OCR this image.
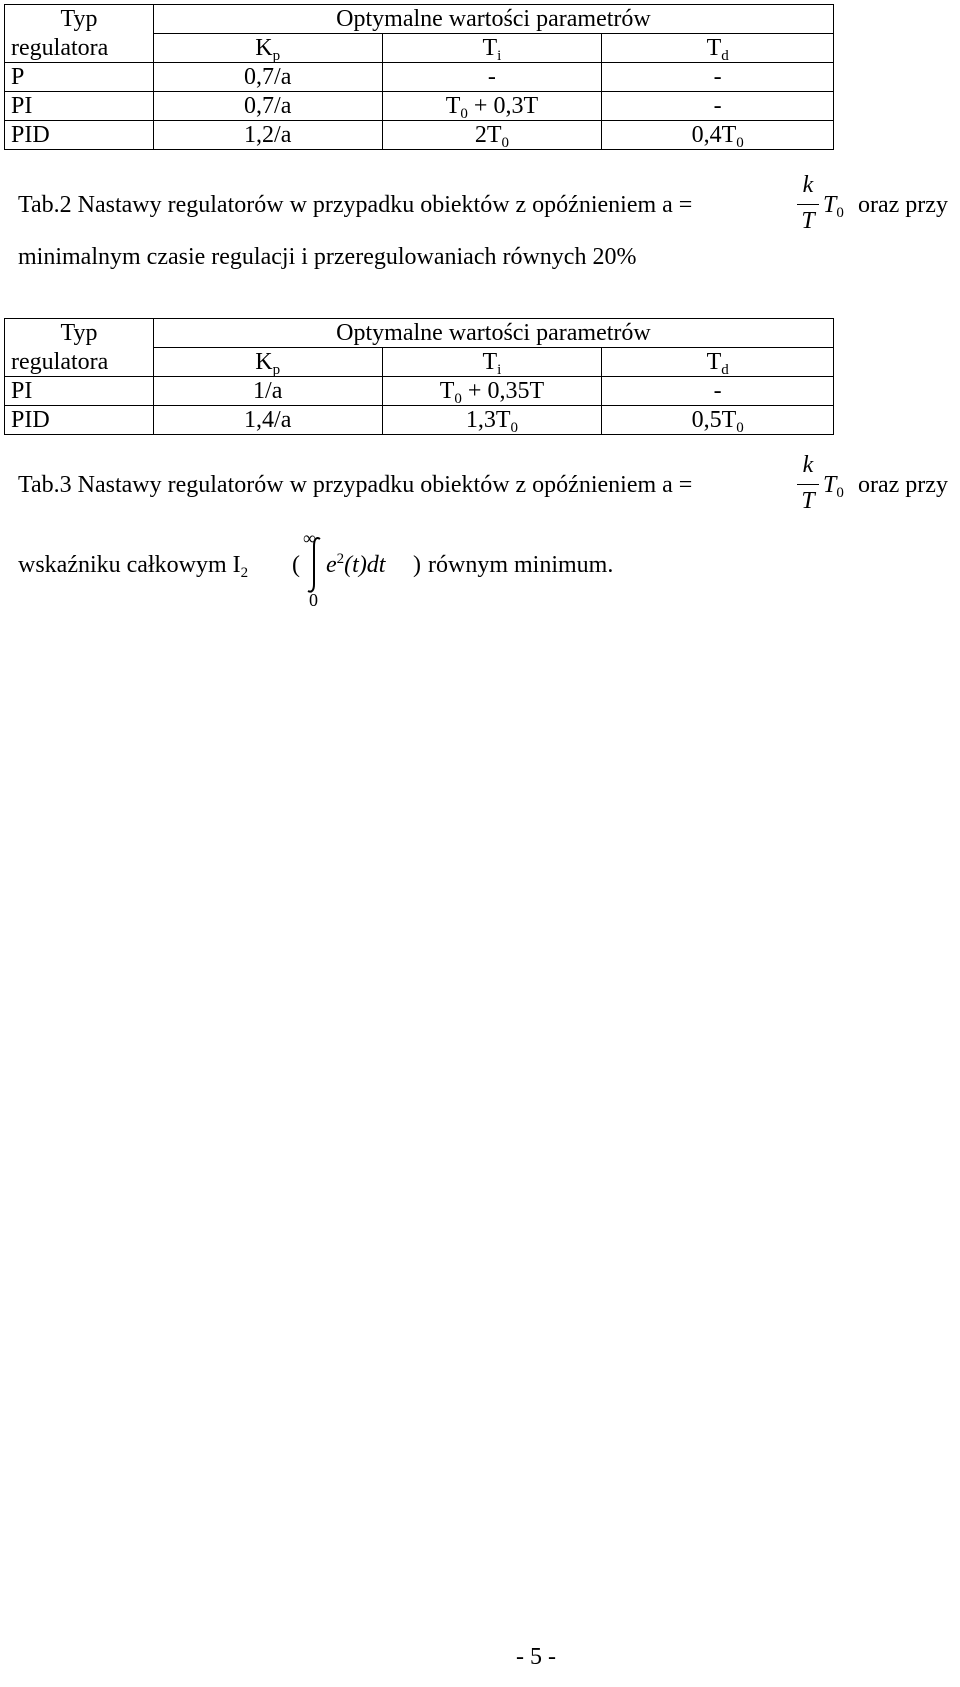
Typ	Optymalne wartości parametrów		
regulatora	$K_p$	$T_i$	$T_d$
P	0,7/a	-	-
PI	0,7/a	$T_0 + 0,3T$	-
PID	1,2/a	$2T_0$	$0,4T_0$
Tab.2 Nastawy regulatorów w przypadku obiektów z opóźnieniem a =
k
T
$T_0$ oraz przy
minimalnym czasie regulacji i przeregulowaniach równych 20%
Typ	Optymalne wartości parametrów		
regulatora	$K_p$	$T_i$	$T_d$
PI	1/a	$T_0 + 0,35T$	-
PID	1,4/a	$1,3T_0$	$0,5T_0$
Tab.3 Nastawy regulatorów w przypadku obiektów z opóźnieniem a =
k
T
$T_0$ oraz przy
wskaźniku całkowym $I_2$ (
∞
0
$e^2(t)dt$ ) równym minimum.
- 5 -
